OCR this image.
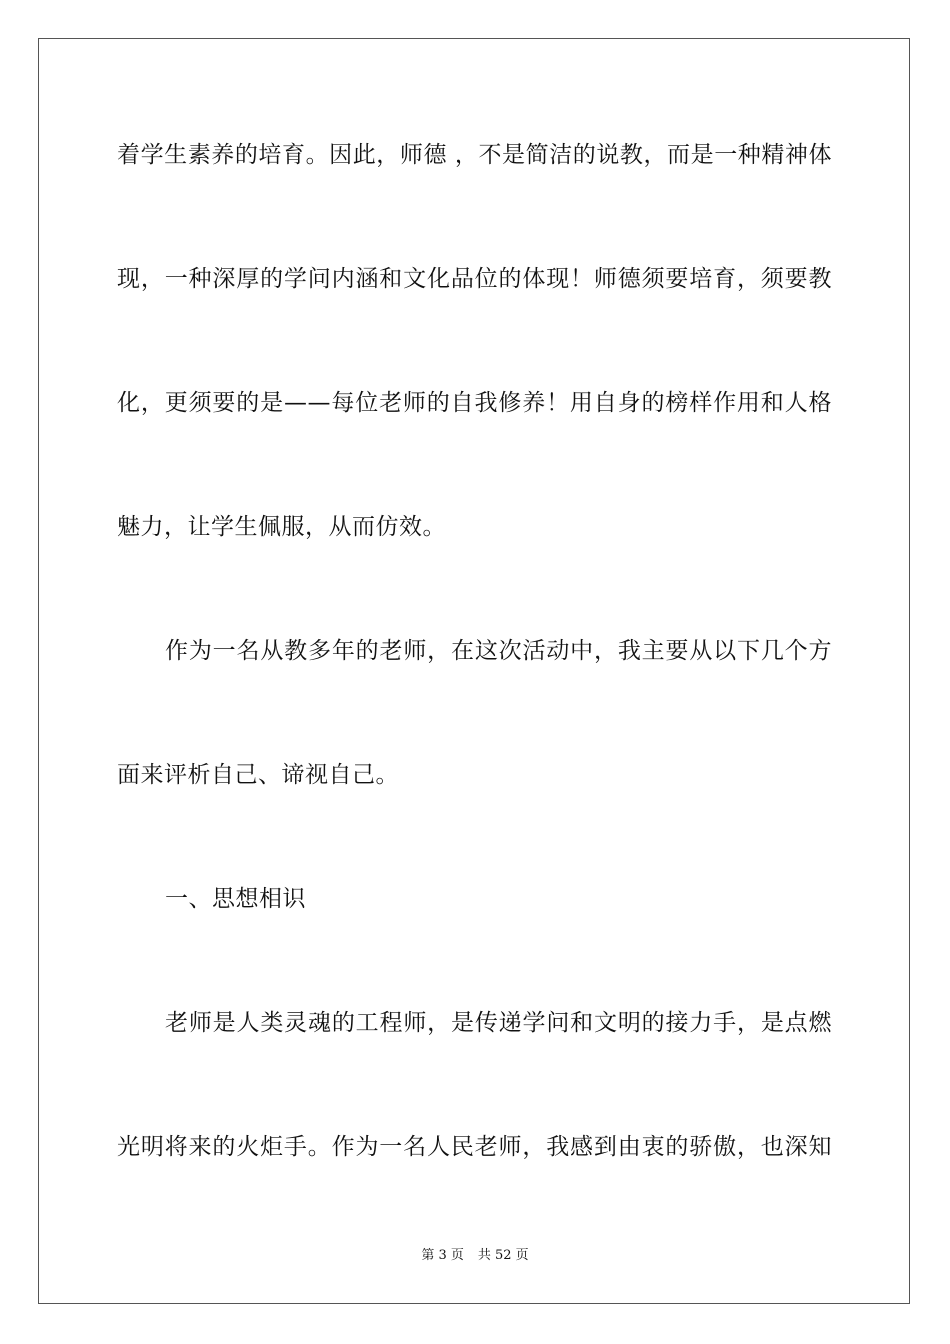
着学生素养的培育。因此，师德 ，不是简洁的说教，而是一种精神体
现，一种深厚的学问内涵和文化品位的体现！师德须要培育，须要教
化，更须要的是——每位老师的自我修养！用自身的榜样作用和人格
魅力，让学生佩服，从而仿效。
作为一名从教多年的老师，在这次活动中，我主要从以下几个方
面来评析自己、谛视自己。
一、思想相识
老师是人类灵魂的工程师，是传递学问和文明的接力手，是点燃
光明将来的火炬手。作为一名人民老师，我感到由衷的骄傲，也深知
第 3 页 共 52 页
